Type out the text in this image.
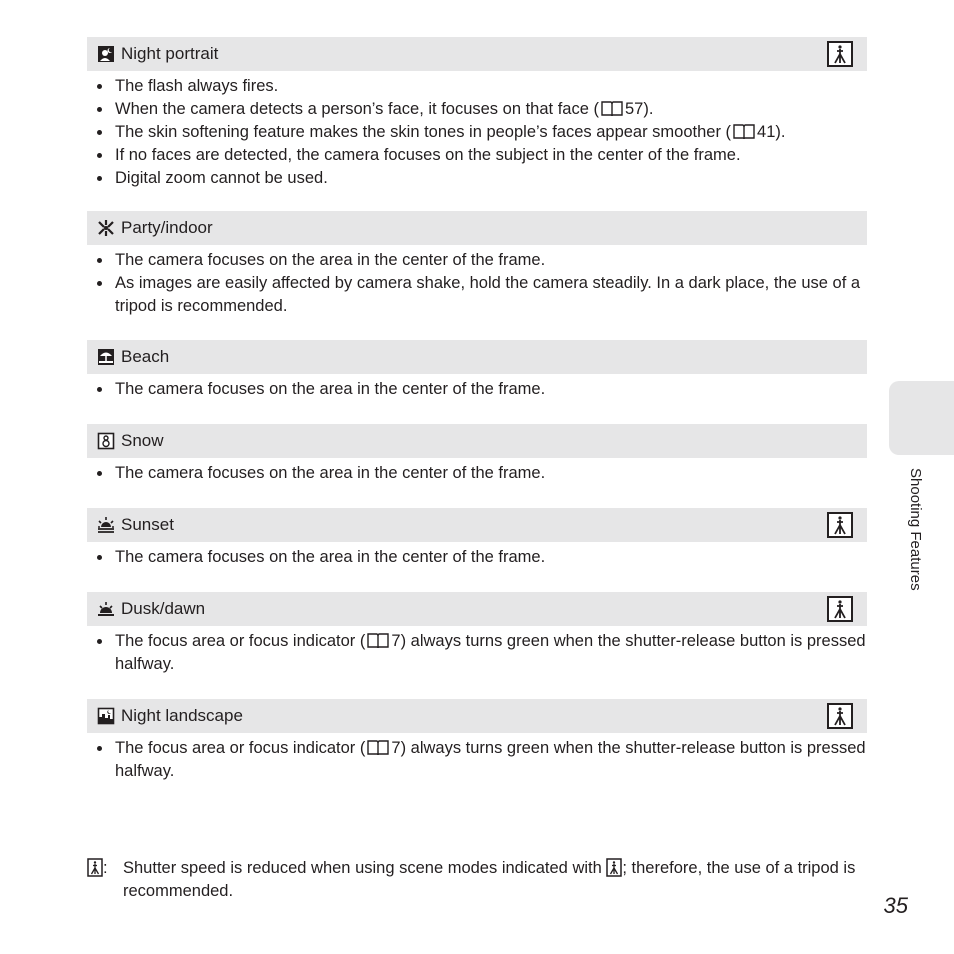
Night portrait
The flash always fires.
When the camera detects a person’s face, it focuses on that face ( 57).
The skin softening feature makes the skin tones in people’s faces appear smoother ( 41).
If no faces are detected, the camera focuses on the subject in the center of the frame.
Digital zoom cannot be used.
Party/indoor
The camera focuses on the area in the center of the frame.
As images are easily affected by camera shake, hold the camera steadily. In a dark place, the use of a tripod is recommended.
Beach
The camera focuses on the area in the center of the frame.
Snow
The camera focuses on the area in the center of the frame.
Sunset
The camera focuses on the area in the center of the frame.
Dusk/dawn
The focus area or focus indicator ( 7) always turns green when the shutter-release button is pressed halfway.
Night landscape
The focus area or focus indicator ( 7) always turns green when the shutter-release button is pressed halfway.
: Shutter speed is reduced when using scene modes indicated with ; therefore, the use of a tripod is recommended.
Shooting Features
35
